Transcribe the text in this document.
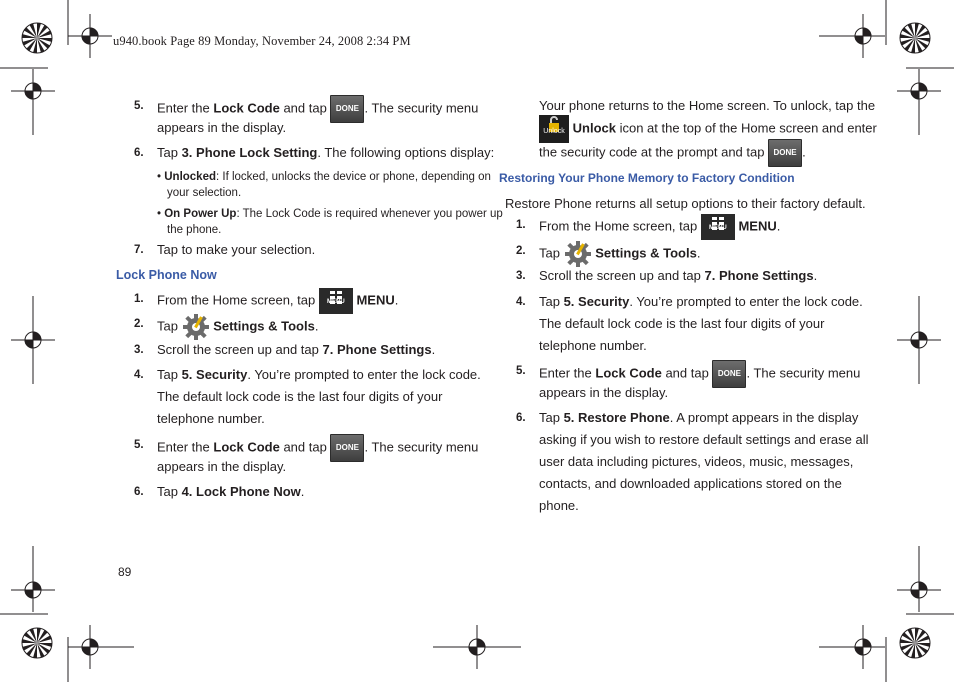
u940.book Page 89 Monday, November 24, 2008 2:34 PM
5. Enter the Lock Code and tap DONE . The security menu
appears in the display.
6. Tap 3. Phone Lock Setting. The following options display:
• Unlocked: If locked, unlocks the device or phone, depending on
your selection.
• On Power Up: The Lock Code is required whenever you power up
the phone.
7. Tap to make your selection.
Lock Phone Now
1. From the Home screen, tap	MENU MENU.
2. Tap  Settings & Tools.
3. Scroll the screen up and tap 7. Phone Settings.
4. Tap 5. Security. You’re prompted to enter the lock code.
The default lock code is the last four digits of your
telephone number.
5. Enter the Lock Code and tap DONE . The security menu
appears in the display.
6. Tap 4. Lock Phone Now.
Your phone returns to the Home screen. To unlock, tap the
Unlock Unlock icon at the top of the Home screen and enter
the security code at the prompt and tap DONE .
Restoring Your Phone Memory to Factory Condition
Restore Phone returns all setup options to their factory default.
1. From the Home screen, tap	MENU MENU.
2. Tap  Settings & Tools.
3. Scroll the screen up and tap 7. Phone Settings.
4. Tap 5. Security. You’re prompted to enter the lock code.
The default lock code is the last four digits of your
telephone number.
5. Enter the Lock Code and tap DONE . The security menu
appears in the display.
6. Tap 5. Restore Phone. A prompt appears in the display
asking if you wish to restore default settings and erase all
user data including pictures, videos, music, messages,
contacts, and downloaded applications stored on the
phone.
89
